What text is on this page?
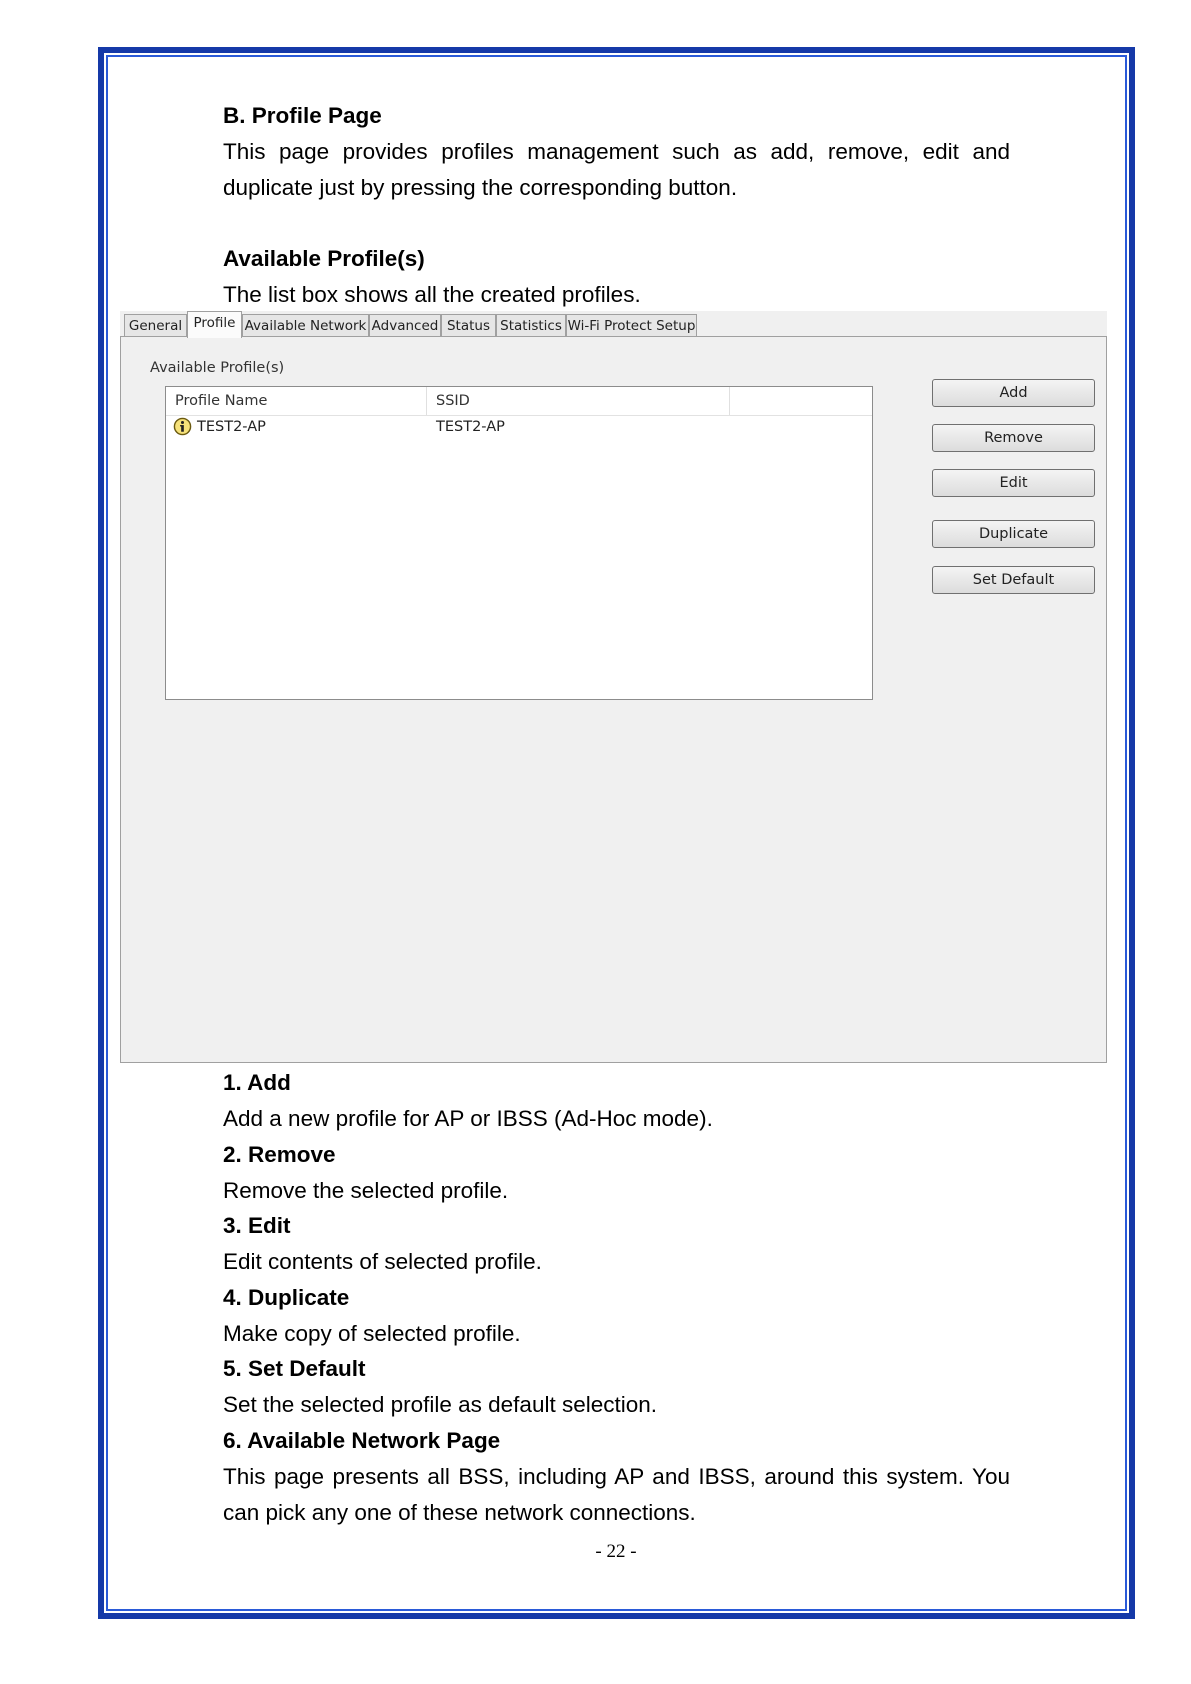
B. Profile Page
This page provides profiles management such as add, remove, edit and
duplicate just by pressing the corresponding button.
Available Profile(s)
The list box shows all the created profiles.
General Profile Available Network Advanced Status Statistics Wi-Fi Protect Setup
Available Profile(s)
Profile Name	SSID
TEST2-AP	TEST2-AP
Add
Remove
Edit
Duplicate
Set Default
1. Add
Add a new profile for AP or IBSS (Ad-Hoc mode).
2. Remove
Remove the selected profile.
3. Edit
Edit contents of selected profile.
4. Duplicate
Make copy of selected profile.
5. Set Default
Set the selected profile as default selection.
6. Available Network Page
This page presents all BSS, including AP and IBSS, around this system. You
can pick any one of these network connections.
- 22 -
